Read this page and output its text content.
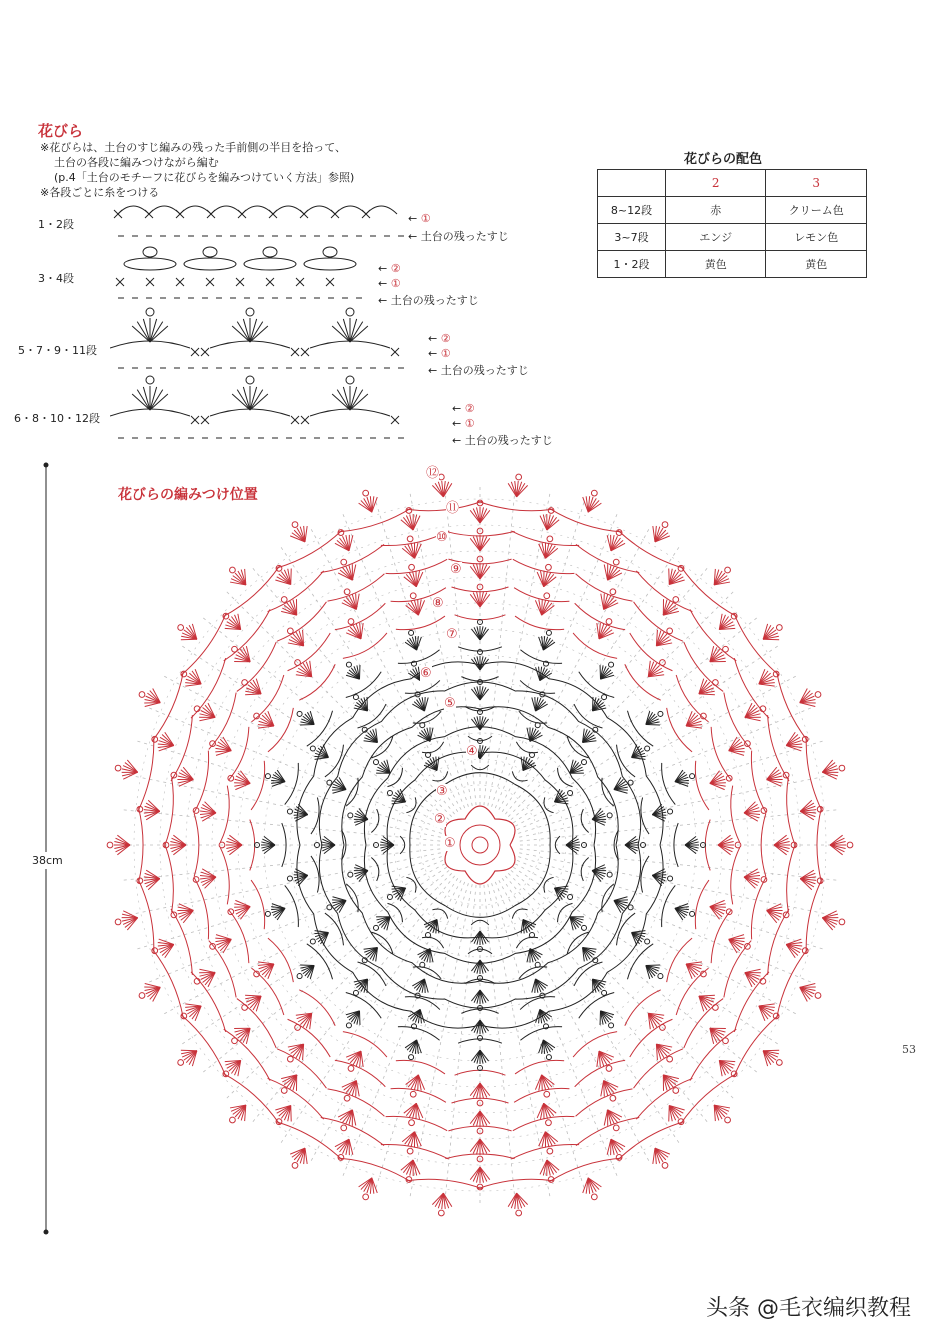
花びら
※花びらは、土台のすじ編みの残った手前側の半目を拾って、
土台の各段に編みつけながら編む
(p.4「土台のモチーフに花びらを編みつけていく方法」参照)
※各段ごとに糸をつける
1・2段
3・4段
5・7・9・11段
6・8・10・12段
← ①
← 土台の残ったすじ
← ②
← ①
← 土台の残ったすじ
← ②
← ①
← 土台の残ったすじ
← ②
← ①
← 土台の残ったすじ
花びらの配色
	2	3
8~12段	赤	クリーム色
3~7段	エンジ	レモン色
1・2段	黄色	黄色
花びらの編みつけ位置
38cm
⑫
⑪
⑩
⑨
⑧
⑦
⑥
⑤
④
③
②
①
53
头条 @毛衣编织教程
